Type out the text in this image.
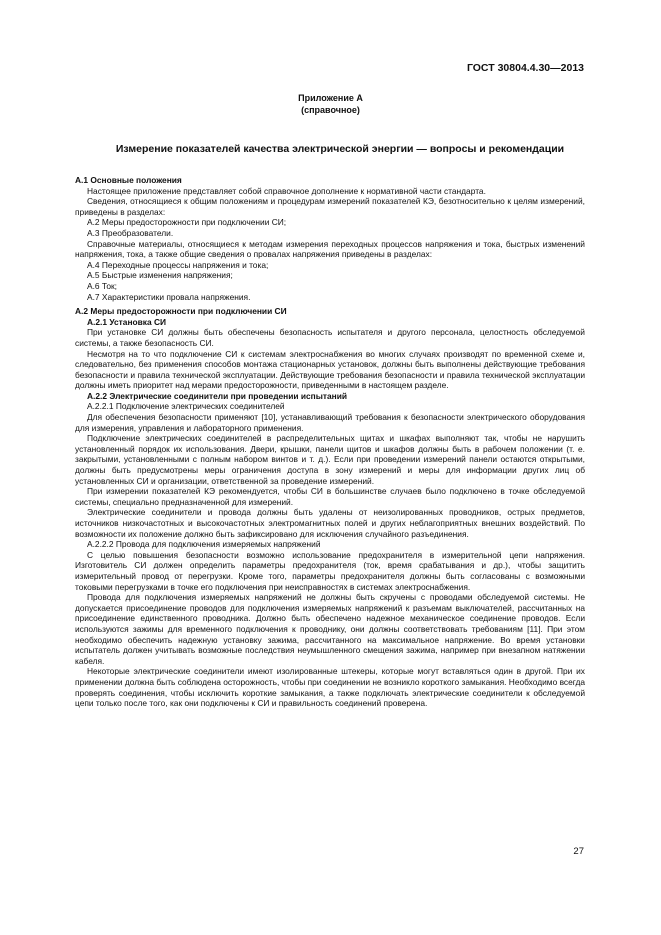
ГОСТ 30804.4.30—2013
Приложение А
(справочное)
Измерение показателей качества электрической энергии — вопросы и рекомендации

А.1 Основные положения

Настоящее приложение представляет собой справочное дополнение к нормативной части стандарта.

Сведения, относящиеся к общим положениям и процедурам измерений показателей КЭ, безотносительно к целям измерений, приведены в разделах:

А.2 Меры предосторожности при подключении СИ;

А.3 Преобразователи.

Справочные материалы, относящиеся к методам измерения переходных процессов напряжения и тока, быстрых изменений напряжения, тока, а также общие сведения о провалах напряжения приведены в разделах:

А.4 Переходные процессы напряжения и тока;

А.5 Быстрые изменения напряжения;

А.6 Ток;

А.7 Характеристики провала напряжения.

А.2 Меры предосторожности при подключении СИ

А.2.1 Установка СИ

При установке СИ должны быть обеспечены безопасность испытателя и другого персонала, целостность обследуемой системы, а также безопасность СИ.

Несмотря на то что подключение СИ к системам электроснабжения во многих случаях производят по временной схеме и, следовательно, без применения способов монтажа стационарных установок, должны быть выполнены действующие требования безопасности и правила технической эксплуатации. Действующие требования безопасности и правила технической эксплуатации должны иметь приоритет над мерами предосторожности, приведенными в настоящем разделе.

А.2.2 Электрические соединители при проведении испытаний

А.2.2.1 Подключение электрических соединителей

Для обеспечения безопасности применяют [10], устанавливающий требования к безопасности электрического оборудования для измерения, управления и лабораторного применения.

Подключение электрических соединителей в распределительных щитах и шкафах выполняют так, чтобы не нарушить установленный порядок их использования. Двери, крышки, панели щитов и шкафов должны быть в рабочем положении (т. е. закрытыми, установленными с полным набором винтов и т. д.). Если при проведении измерений панели остаются открытыми, должны быть предусмотрены меры ограничения доступа в зону измерений и меры для информации других лиц об установленных СИ и организации, ответственной за проведение измерений.

При измерении показателей КЭ рекомендуется, чтобы СИ в большинстве случаев было подключено в точке обследуемой системы, специально предназначенной для измерений.

Электрические соединители и провода должны быть удалены от неизолированных проводников, острых предметов, источников низкочастотных и высокочастотных электромагнитных полей и других неблагоприятных внешних воздействий. По возможности их положение должно быть зафиксировано для исключения случайного разъединения.

А.2.2.2 Провода для подключения измеряемых напряжений

С целью повышения безопасности возможно использование предохранителя в измерительной цепи напряжения. Изготовитель СИ должен определить параметры предохранителя (ток, время срабатывания и др.), чтобы защитить измерительный провод от перегрузки. Кроме того, параметры предохранителя должны быть согласованы с возможными токовыми перегрузками в точке его подключения при неисправностях в системах электроснабжения.

Провода для подключения измеряемых напряжений не должны быть скручены с проводами обследуемой системы. Не допускается присоединение проводов для подключения измеряемых напряжений к разъемам выключателей, рассчитанных на присоединение единственного проводника. Должно быть обеспечено надежное механическое соединение проводов. Если используются зажимы для временного подключения к проводнику, они должны соответствовать требованиям [11]. При этом необходимо обеспечить надежную установку зажима, рассчитанного на максимальное напряжение. Во время установки испытатель должен учитывать возможные последствия неумышленного смещения зажима, например при внезапном натяжении кабеля.

Некоторые электрические соединители имеют изолированные штекеры, которые могут вставляться один в другой. При их применении должна быть соблюдена осторожность, чтобы при соединении не возникло короткого замыкания. Необходимо всегда проверять соединения, чтобы исключить короткие замыкания, а также подключать электрические соединители к обследуемой цепи только после того, как они подключены к СИ и правильность соединений проверена.

27
